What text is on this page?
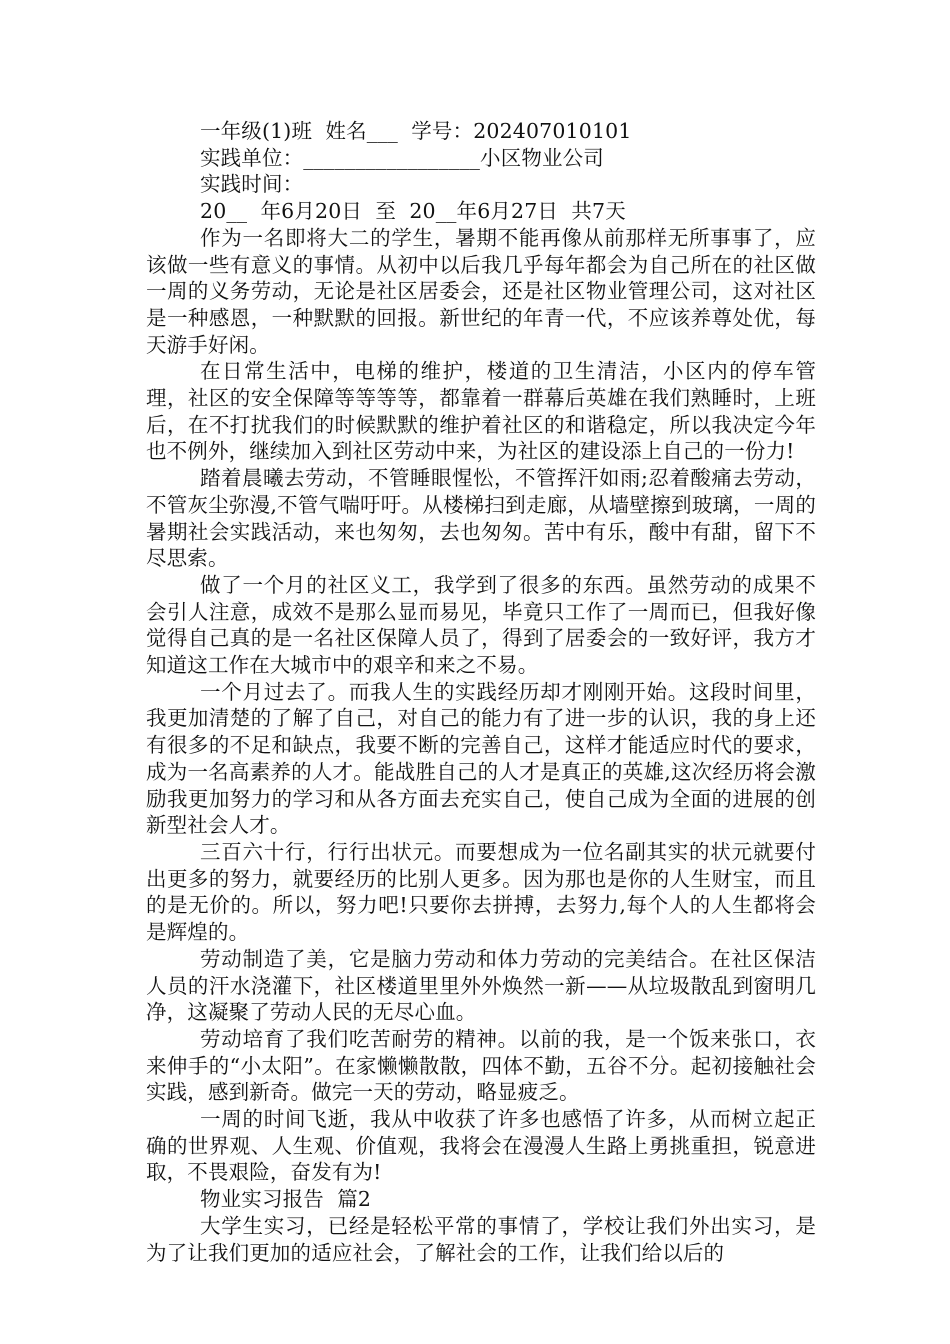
一年级(1)班  姓名___  学号：202407010101
实践单位：_________________小区物业公司
实践时间：
20__  年6月20日  至  20__年6月27日  共7天

作为一名即将大二的学生，暑期不能再像从前那样无所事事了，应该做一些有意义的事情。从初中以后我几乎每年都会为自己所在的社区做一周的义务劳动，无论是社区居委会，还是社区物业管理公司，这对社区是一种感恩，一种默默的回报。新世纪的年青一代，不应该养尊处优，每天游手好闲。

在日常生活中，电梯的维护，楼道的卫生清洁，小区内的停车管理，社区的安全保障等等等等，都靠着一群幕后英雄在我们熟睡时，上班后，在不打扰我们的时候默默的维护着社区的和谐稳定，所以我决定今年也不例外，继续加入到社区劳动中来，为社区的建设添上自己的一份力!

踏着晨曦去劳动，不管睡眼惺忪，不管挥汗如雨;忍着酸痛去劳动，不管灰尘弥漫,不管气喘吁吁。从楼梯扫到走廊，从墙壁擦到玻璃，一周的暑期社会实践活动，来也匆匆，去也匆匆。苦中有乐，酸中有甜，留下不尽思索。

做了一个月的社区义工，我学到了很多的东西。虽然劳动的成果不会引人注意，成效不是那么显而易见，毕竟只工作了一周而已，但我好像觉得自己真的是一名社区保障人员了，得到了居委会的一致好评，我方才知道这工作在大城市中的艰辛和来之不易。

一个月过去了。而我人生的实践经历却才刚刚开始。这段时间里，我更加清楚的了解了自己，对自己的能力有了进一步的认识，我的身上还有很多的不足和缺点，我要不断的完善自己，这样才能适应时代的要求，成为一名高素养的人才。能战胜自己的人才是真正的英雄,这次经历将会激励我更加努力的学习和从各方面去充实自己，使自己成为全面的进展的创新型社会人才。

三百六十行，行行出状元。而要想成为一位名副其实的状元就要付出更多的努力，就要经历的比别人更多。因为那也是你的人生财宝，而且的是无价的。所以，努力吧!只要你去拼搏，去努力,每个人的人生都将会是辉煌的。

劳动制造了美，它是脑力劳动和体力劳动的完美结合。在社区保洁人员的汗水浇灌下，社区楼道里里外外焕然一新——从垃圾散乱到窗明几净，这凝聚了劳动人民的无尽心血。

劳动培育了我们吃苦耐劳的精神。以前的我，是一个饭来张口，衣来伸手的“小太阳”。在家懒懒散散，四体不勤，五谷不分。起初接触社会实践，感到新奇。做完一天的劳动，略显疲乏。

一周的时间飞逝，我从中收获了许多也感悟了许多，从而树立起正确的世界观、人生观、价值观，我将会在漫漫人生路上勇挑重担，锐意进取，不畏艰险，奋发有为!

物业实习报告  篇2

大学生实习，已经是轻松平常的事情了，学校让我们外出实习，是为了让我们更加的适应社会，了解社会的工作，让我们给以后的
